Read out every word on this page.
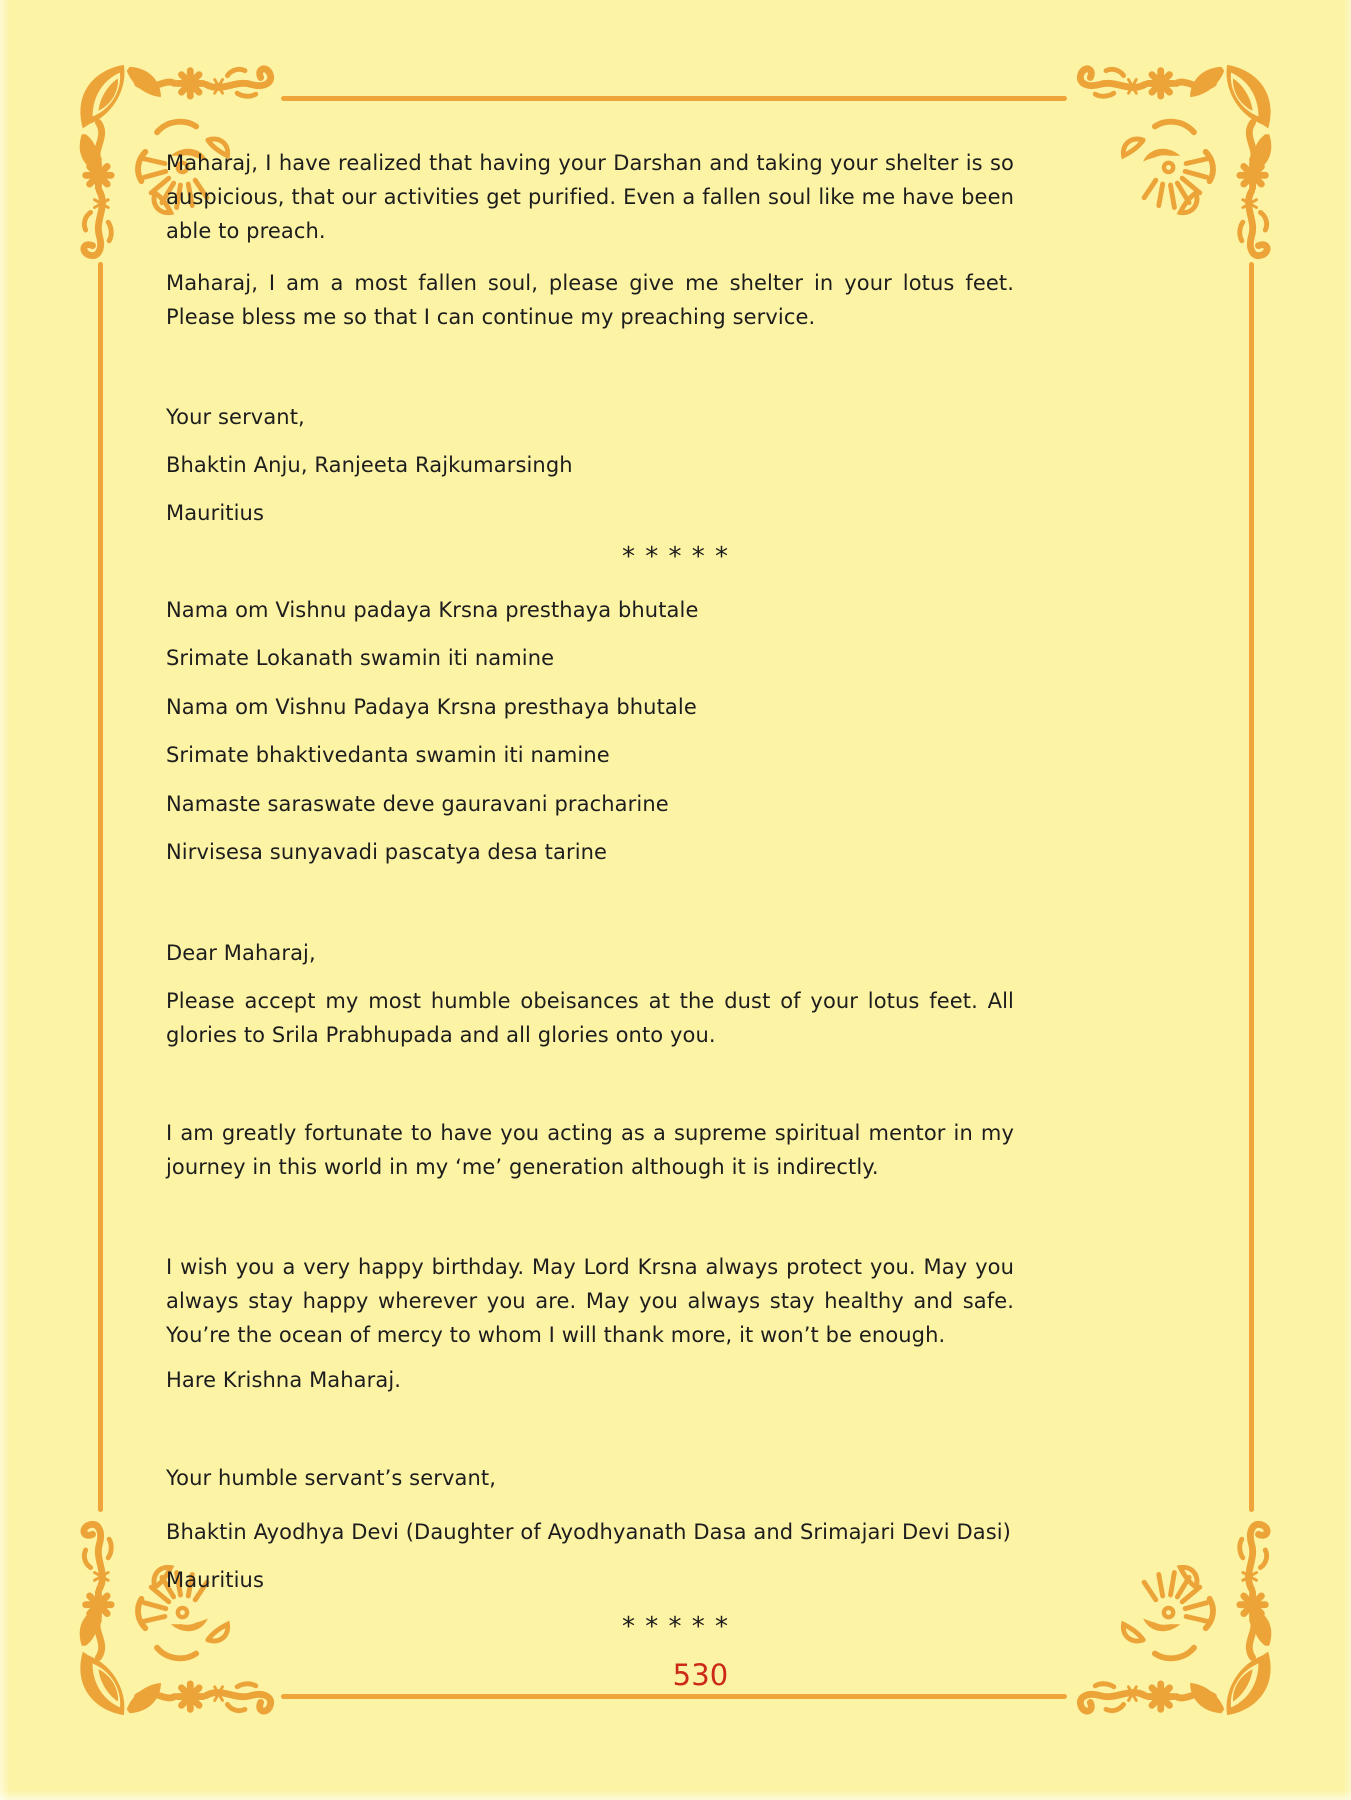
Maharaj, I have realized that having your Darshan and taking your shelter is so auspicious, that our activities get purified. Even a fallen soul like me have been able to preach.

Maharaj, I am a most fallen soul, please give me shelter in your lotus feet. Please bless me so that I can continue my preaching service.

Your servant,

Bhaktin Anju, Ranjeeta Rajkumarsingh

Mauritius

* * * * *

Nama om Vishnu padaya Krsna presthaya bhutale

Srimate Lokanath swamin iti namine

Nama om Vishnu Padaya Krsna presthaya bhutale

Srimate bhaktivedanta swamin iti namine

Namaste saraswate deve gauravani pracharine

Nirvisesa sunyavadi pascatya desa tarine

Dear Maharaj,

Please accept my most humble obeisances at the dust of your lotus feet. All glories to Srila Prabhupada and all glories onto you.

I am greatly fortunate to have you acting as a supreme spiritual mentor in my journey in this world in my ‘me’ generation although it is indirectly.

I wish you a very happy birthday. May Lord Krsna always protect you. May you always stay happy wherever you are. May you always stay healthy and safe. You’re the ocean of mercy to whom I will thank more, it won’t be enough.

Hare Krishna Maharaj.

Your humble servant’s servant,

Bhaktin Ayodhya Devi (Daughter of Ayodhyanath Dasa and Srimajari Devi Dasi)

Mauritius

* * * * *

530
